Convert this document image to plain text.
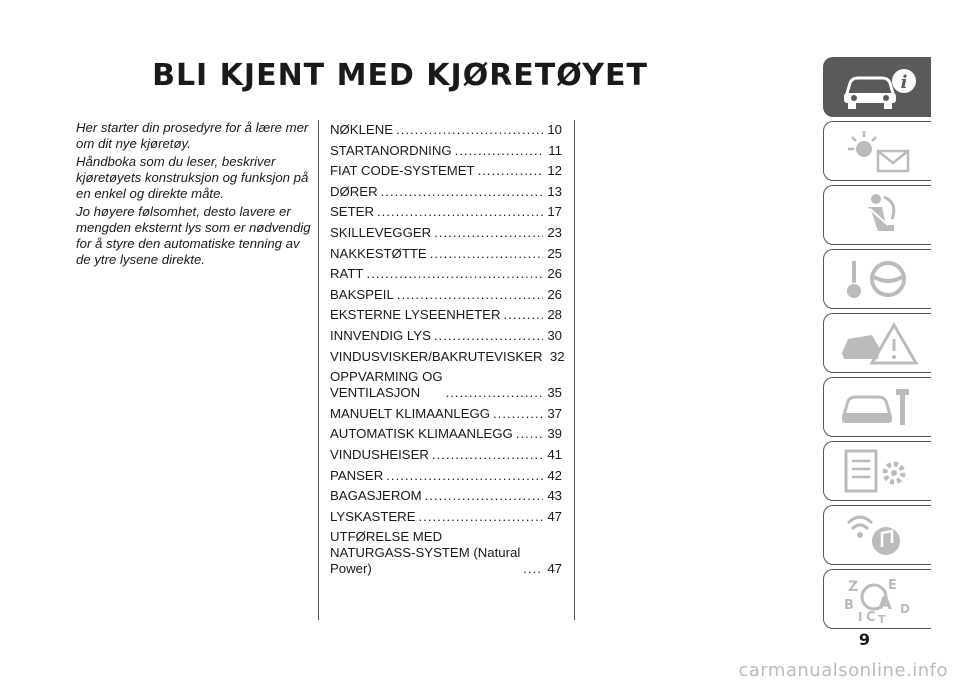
BLI KJENT MED KJØRETØYET

Her starter din prosedyre for å lære mer om dit nye kjøretøy.

Håndboka som du leser, beskriver kjøretøyets konstruksjon og funksjon på en enkel og direkte måte.

Jo høyere følsomhet, desto lavere er mengden eksternt lys som er nødvendig for å styre den automatiske tenning av de ytre lysene direkte.

NØKLENE .....	10
STARTANORDNING .....	11
FIAT CODE-SYSTEMET .....	12
DØRER .....	13
SETER .....	17
SKILLEVEGGER .....	23
NAKKESTØTTE .....	25
RATT .....	26
BAKSPEIL .....	26
EKSTERNE LYSEENHETER .....	28
INNVENDIG LYS .....	30
VINDUSVISKER/BAKRUTEVISKER 32
OPPVARMING OG
VENTILASJON .....	35
MANUELT KLIMAANLEGG .....	37
AUTOMATISK KLIMAANLEGG .....	39
VINDUSHEISER .....	41
PANSER .....	42
BAGASJEROM .....	43
LYSKASTERE .....	47
UTFØRELSE MED
NATURGASS-SYSTEM (Natural
Power) .....	47
i
Z E
B A
I C
D
T
9
carmanualsonline.info
